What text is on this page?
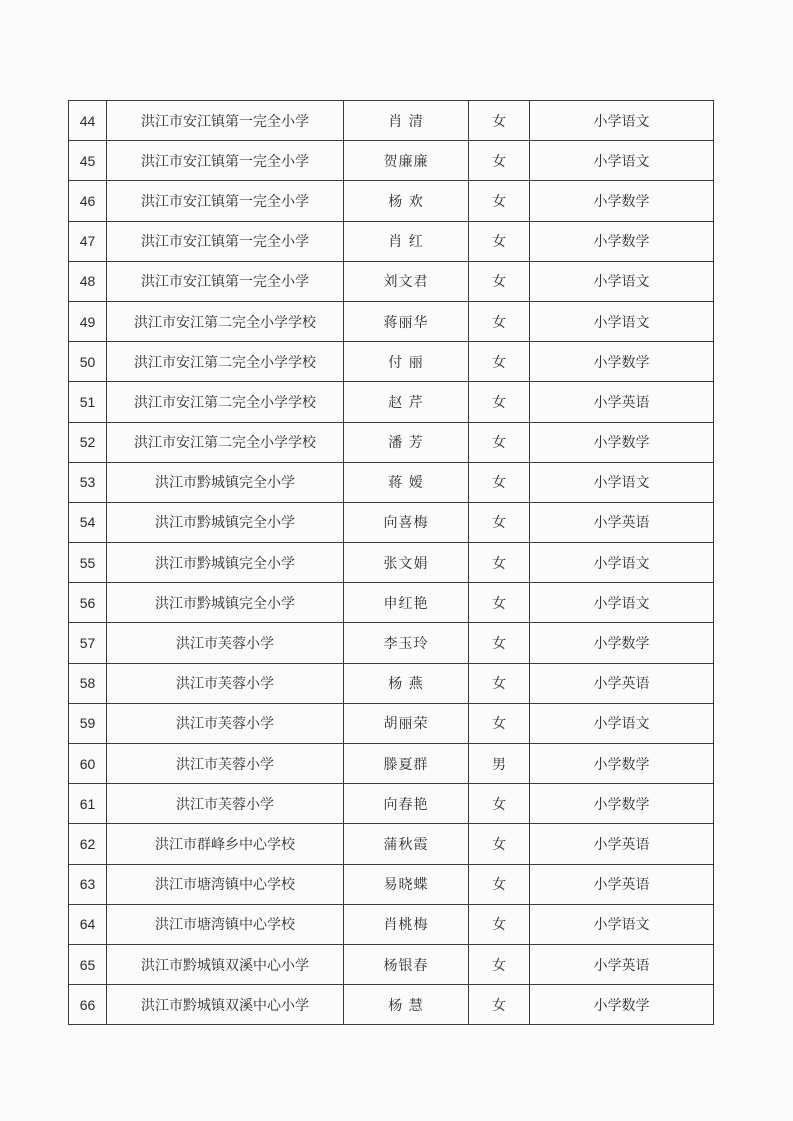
44	洪江市安江镇第一完全小学	肖 清	女	小学语文
45	洪江市安江镇第一完全小学	贺廉廉	女	小学语文
46	洪江市安江镇第一完全小学	杨 欢	女	小学数学
47	洪江市安江镇第一完全小学	肖 红	女	小学数学
48	洪江市安江镇第一完全小学	刘文君	女	小学语文
49	洪江市安江第二完全小学学校	蒋丽华	女	小学语文
50	洪江市安江第二完全小学学校	付 丽	女	小学数学
51	洪江市安江第二完全小学学校	赵 芹	女	小学英语
52	洪江市安江第二完全小学学校	潘 芳	女	小学数学
53	洪江市黔城镇完全小学	蒋 嫒	女	小学语文
54	洪江市黔城镇完全小学	向喜梅	女	小学英语
55	洪江市黔城镇完全小学	张文娟	女	小学语文
56	洪江市黔城镇完全小学	申红艳	女	小学语文
57	洪江市芙蓉小学	李玉玲	女	小学数学
58	洪江市芙蓉小学	杨 燕	女	小学英语
59	洪江市芙蓉小学	胡丽荣	女	小学语文
60	洪江市芙蓉小学	滕夏群	男	小学数学
61	洪江市芙蓉小学	向春艳	女	小学数学
62	洪江市群峰乡中心学校	蒲秋霞	女	小学英语
63	洪江市塘湾镇中心学校	易晓蝶	女	小学英语
64	洪江市塘湾镇中心学校	肖桃梅	女	小学语文
65	洪江市黔城镇双溪中心小学	杨银春	女	小学英语
66	洪江市黔城镇双溪中心小学	杨 慧	女	小学数学
